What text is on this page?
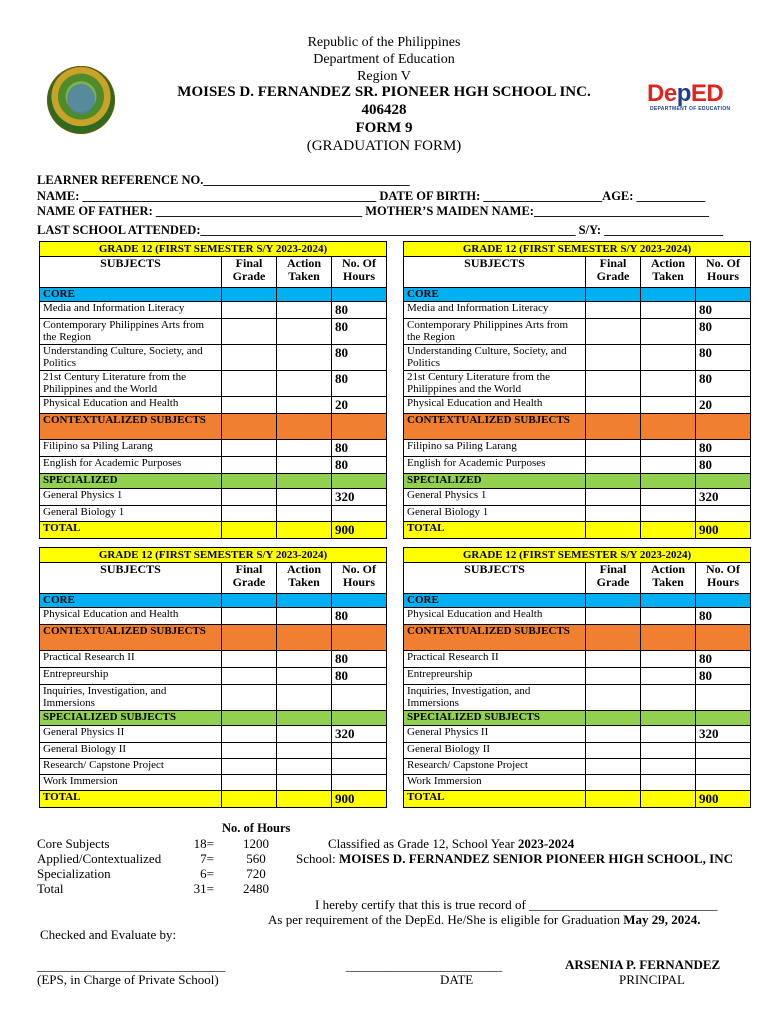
DepED
DEPARTMENT OF EDUCATION
Republic of the Philippines
Department of Education
Region V
MOISES D. FERNANDEZ SR. PIONEER HGH SCHOOL INC.
406428
FORM 9
(GRADUATION FORM)
LEARNER REFERENCE NO._________________________________
NAME: _______________________________________________ DATE OF BIRTH: ___________________AGE: ___________
NAME OF FATHER: _________________________________ MOTHER’S MAIDEN NAME:____________________________
LAST SCHOOL ATTENDED:____________________________________________________________ S/Y: ___________________
GRADE 12 (FIRST SEMESTER S/Y 2023-2024)			
SUBJECTS	Final Grade	Action Taken	No. Of Hours
CORE			
Media and Information Literacy			80
Contemporary Philippines Arts from the Region			80
Understanding Culture, Society, and Politics			80
21st Century Literature from the Philippines and the World			80
Physical Education and Health			20
CONTEXTUALIZED SUBJECTS			
Filipino sa Piling Larang			80
English for Academic Purposes			80
SPECIALIZED			
General Physics 1			320
General Biology 1			
TOTAL			900
GRADE 12 (FIRST SEMESTER S/Y 2023-2024)			
SUBJECTS	Final Grade	Action Taken	No. Of Hours
CORE			
Media and Information Literacy			80
Contemporary Philippines Arts from the Region			80
Understanding Culture, Society, and Politics			80
21st Century Literature from the Philippines and the World			80
Physical Education and Health			20
CONTEXTUALIZED SUBJECTS			
Filipino sa Piling Larang			80
English for Academic Purposes			80
SPECIALIZED			
General Physics 1			320
General Biology 1			
TOTAL			900
GRADE 12 (FIRST SEMESTER S/Y 2023-2024)			
SUBJECTS	Final Grade	Action Taken	No. Of Hours
CORE			
Physical Education and Health			80
CONTEXTUALIZED SUBJECTS			
Practical Research II			80
Entrepreurship			80
Inquiries, Investigation, and Immersions			
SPECIALIZED SUBJECTS			
General Physics II			320
General Biology II			
Research/ Capstone Project			
Work Immersion			
TOTAL			900
GRADE 12 (FIRST SEMESTER S/Y 2023-2024)			
SUBJECTS	Final Grade	Action Taken	No. Of Hours
CORE			
Physical Education and Health			80
CONTEXTUALIZED SUBJECTS			
Practical Research II			80
Entrepreurship			80
Inquiries, Investigation, and Immersions			
SPECIALIZED SUBJECTS			
General Physics II			320
General Biology II			
Research/ Capstone Project			
Work Immersion			
TOTAL			900
No. of Hours
Core Subjects	18=	1200
Applied/Contextualized	7=	560
Specialization	6=	720
Total	31=	2480
Classified as Grade 12, School Year 2023-2024
School: MOISES D. FERNANDEZ SENIOR PIONEER HIGH SCHOOL, INC
I hereby certify that this is true record of _____________________________
As per requirement of the DepEd. He/She is eligible for Graduation May 29, 2024.
Checked and Evaluate by:
_____________________________	________________________	ARSENIA P. FERNANDEZ
(EPS, in Charge of Private School)	DATE	PRINCIPAL
